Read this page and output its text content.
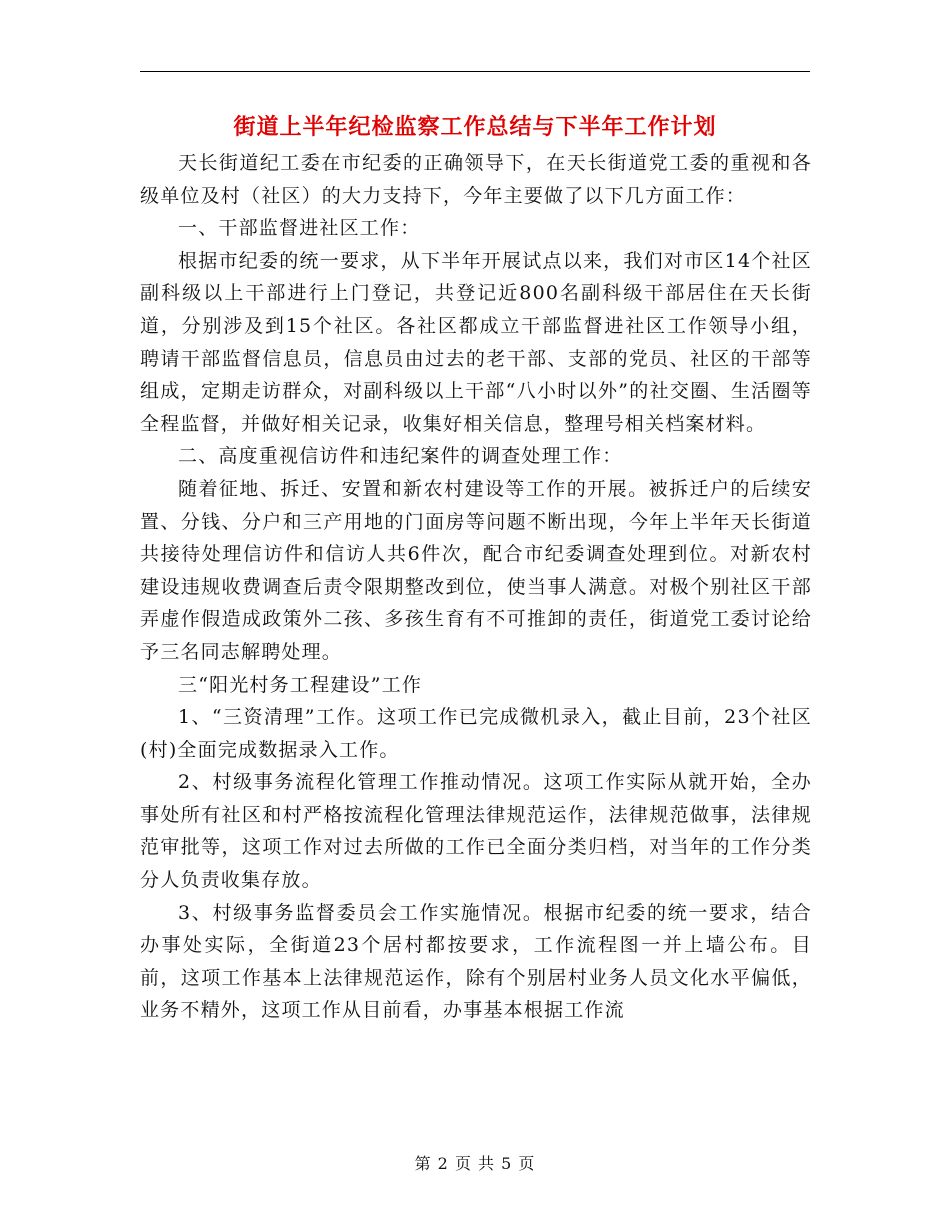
街道上半年纪检监察工作总结与下半年工作计划

天长街道纪工委在市纪委的正确领导下，在天长街道党工委的重视和各级单位及村（社区）的大力支持下，今年主要做了以下几方面工作：

一、干部监督进社区工作：

根据市纪委的统一要求，从下半年开展试点以来，我们对市区14个社区副科级以上干部进行上门登记，共登记近800名副科级干部居住在天长街道，分别涉及到15个社区。各社区都成立干部监督进社区工作领导小组，聘请干部监督信息员，信息员由过去的老干部、支部的党员、社区的干部等组成，定期走访群众，对副科级以上干部“八小时以外”的社交圈、生活圈等全程监督，并做好相关记录，收集好相关信息，整理号相关档案材料。

二、高度重视信访件和违纪案件的调查处理工作：

随着征地、拆迁、安置和新农村建设等工作的开展。被拆迁户的后续安置、分钱、分户和三产用地的门面房等问题不断出现，今年上半年天长街道共接待处理信访件和信访人共6件次，配合市纪委调查处理到位。对新农村建设违规收费调查后责令限期整改到位，使当事人满意。对极个别社区干部弄虚作假造成政策外二孩、多孩生育有不可推卸的责任，街道党工委讨论给予三名同志解聘处理。

三“阳光村务工程建设”工作

1、“三资清理”工作。这项工作已完成微机录入，截止目前，23个社区(村)全面完成数据录入工作。

2、村级事务流程化管理工作推动情况。这项工作实际从就开始，全办事处所有社区和村严格按流程化管理法律规范运作，法律规范做事，法律规范审批等，这项工作对过去所做的工作已全面分类归档，对当年的工作分类分人负责收集存放。

3、村级事务监督委员会工作实施情况。根据市纪委的统一要求，结合办事处实际，全街道23个居村都按要求，工作流程图一并上墙公布。目前，这项工作基本上法律规范运作，除有个别居村业务人员文化水平偏低，业务不精外，这项工作从目前看，办事基本根据工作流

第 2 页 共 5 页
